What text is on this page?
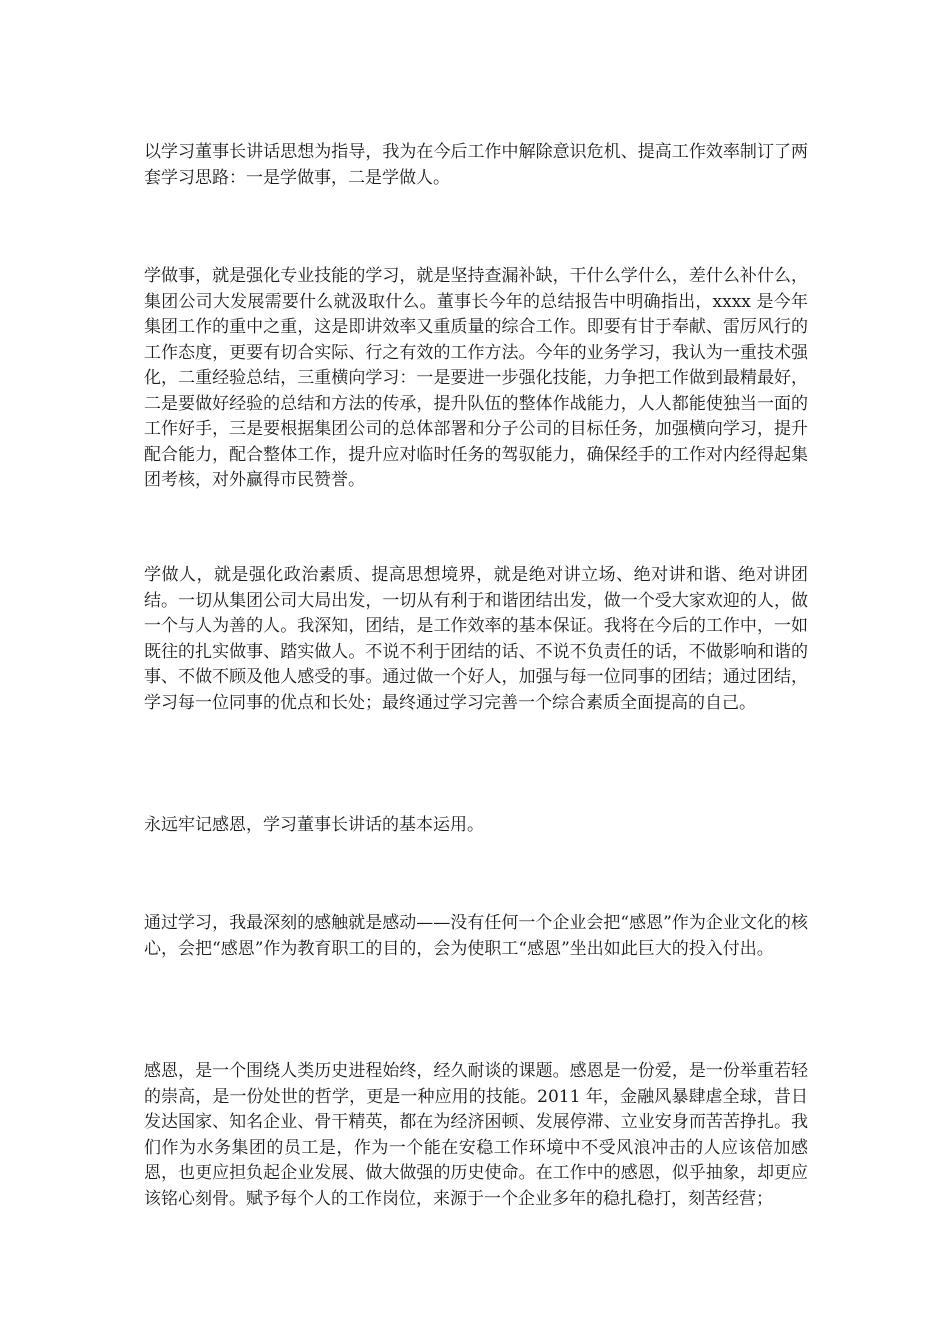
以学习董事长讲话思想为指导，我为在今后工作中解除意识危机、提高工作效率制订了两套学习思路：一是学做事，二是学做人。

学做事，就是强化专业技能的学习，就是坚持查漏补缺，干什么学什么，差什么补什么，集团公司大发展需要什么就汲取什么。董事长今年的总结报告中明确指出，xxxx 是今年集团工作的重中之重，这是即讲效率又重质量的综合工作。即要有甘于奉献、雷厉风行的工作态度，更要有切合实际、行之有效的工作方法。今年的业务学习，我认为一重技术强化，二重经验总结，三重横向学习：一是要进一步强化技能，力争把工作做到最精最好，二是要做好经验的总结和方法的传承，提升队伍的整体作战能力，人人都能使独当一面的工作好手，三是要根据集团公司的总体部署和分子公司的目标任务，加强横向学习，提升配合能力，配合整体工作，提升应对临时任务的驾驭能力，确保经手的工作对内经得起集团考核，对外赢得市民赞誉。

学做人，就是强化政治素质、提高思想境界，就是绝对讲立场、绝对讲和谐、绝对讲团结。一切从集团公司大局出发，一切从有利于和谐团结出发，做一个受大家欢迎的人，做一个与人为善的人。我深知，团结，是工作效率的基本保证。我将在今后的工作中，一如既往的扎实做事、踏实做人。不说不利于团结的话、不说不负责任的话，不做影响和谐的事、不做不顾及他人感受的事。通过做一个好人，加强与每一位同事的团结；通过团结，学习每一位同事的优点和长处；最终通过学习完善一个综合素质全面提高的自己。

永远牢记感恩，学习董事长讲话的基本运用。

通过学习，我最深刻的感触就是感动——没有任何一个企业会把“感恩”作为企业文化的核心，会把“感恩”作为教育职工的目的，会为使职工“感恩”坐出如此巨大的投入付出。

感恩，是一个围绕人类历史进程始终，经久耐谈的课题。感恩是一份爱，是一份举重若轻的崇高，是一份处世的哲学，更是一种应用的技能。2011 年，金融风暴肆虐全球，昔日发达国家、知名企业、骨干精英，都在为经济困顿、发展停滞、立业安身而苦苦挣扎。我们作为水务集团的员工是，作为一个能在安稳工作环境中不受风浪冲击的人应该倍加感恩，也更应担负起企业发展、做大做强的历史使命。在工作中的感恩，似乎抽象，却更应该铭心刻骨。赋予每个人的工作岗位，来源于一个企业多年的稳扎稳打，刻苦经营；
